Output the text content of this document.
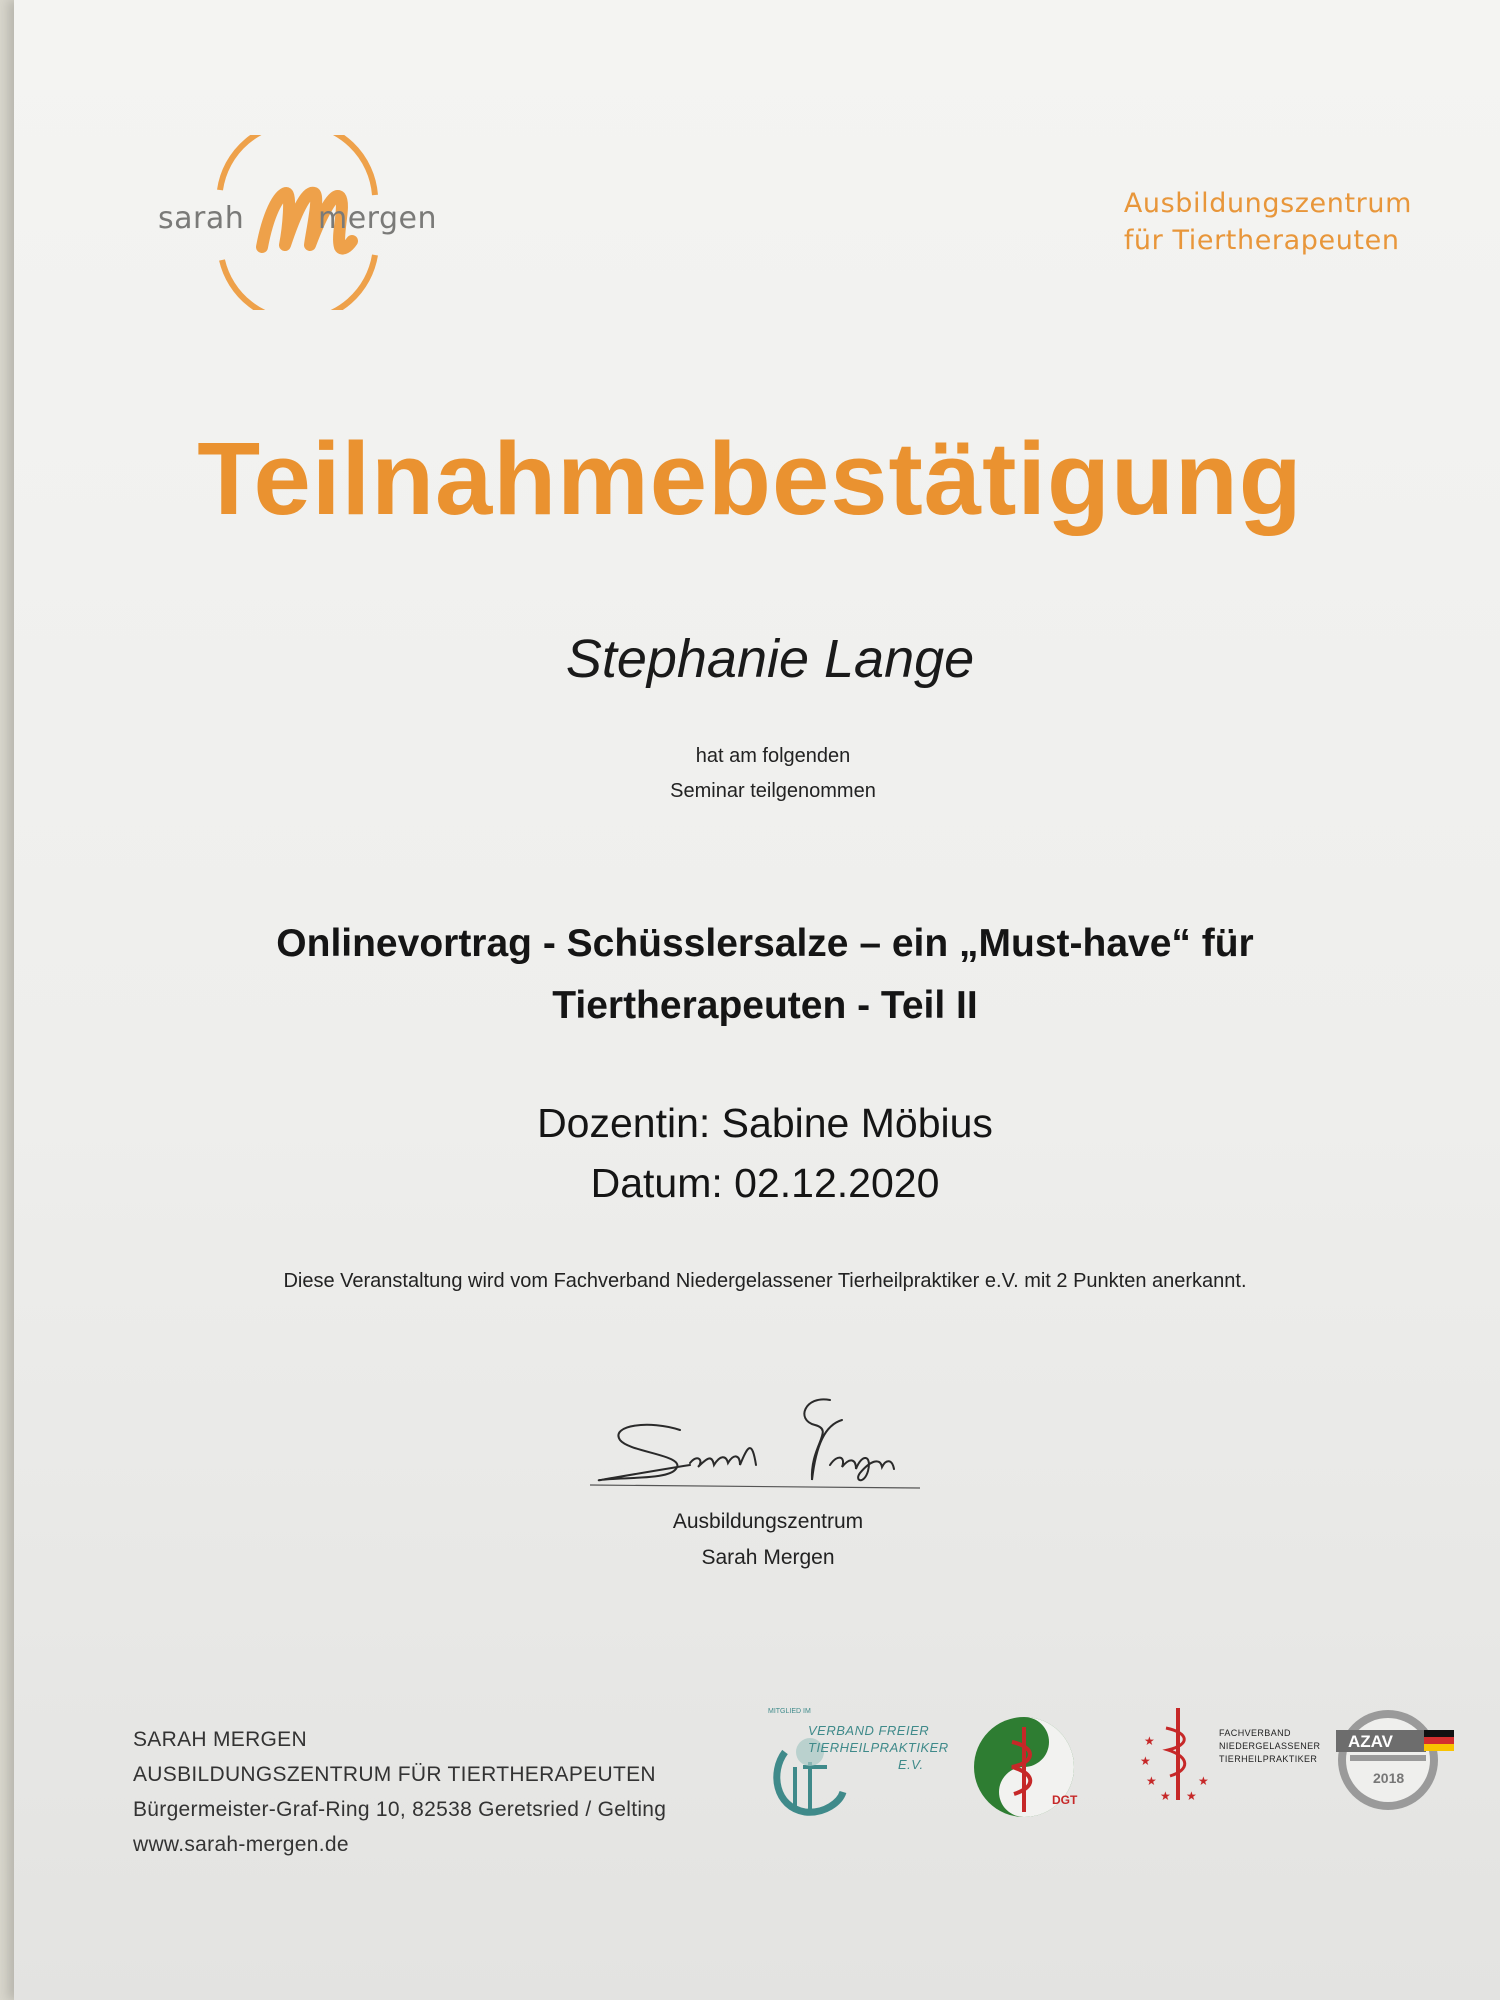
sarah mergen	Ausbildungszentrum
für Tiertherapeuten
Teilnahmebestätigung
Stephanie Lange
hat am folgenden
Seminar teilgenommen
Onlinevortrag - Schüsslersalze – ein „Must-have“ für
Tiertherapeuten - Teil II
Dozentin: Sabine Möbius
Datum: 02.12.2020
Diese Veranstaltung wird vom Fachverband Niedergelassener Tierheilpraktiker e.V. mit 2 Punkten anerkannt.
Ausbildungszentrum
Sarah Mergen
SARAH MERGEN
AUSBILDUNGSZENTRUM FÜR TIERTHERAPEUTEN
Bürgermeister-Graf-Ring 10, 82538 Geretsried / Gelting
www.sarah-mergen.de
MITGLIED IM
VERBAND FREIER
TIERHEILPRAKTIKER
E.V.
DGT
★
★
★
★ ★
★
FACHVERBAND
NIEDERGELASSENER
TIERHEILPRAKTIKER
AZAV
2018
